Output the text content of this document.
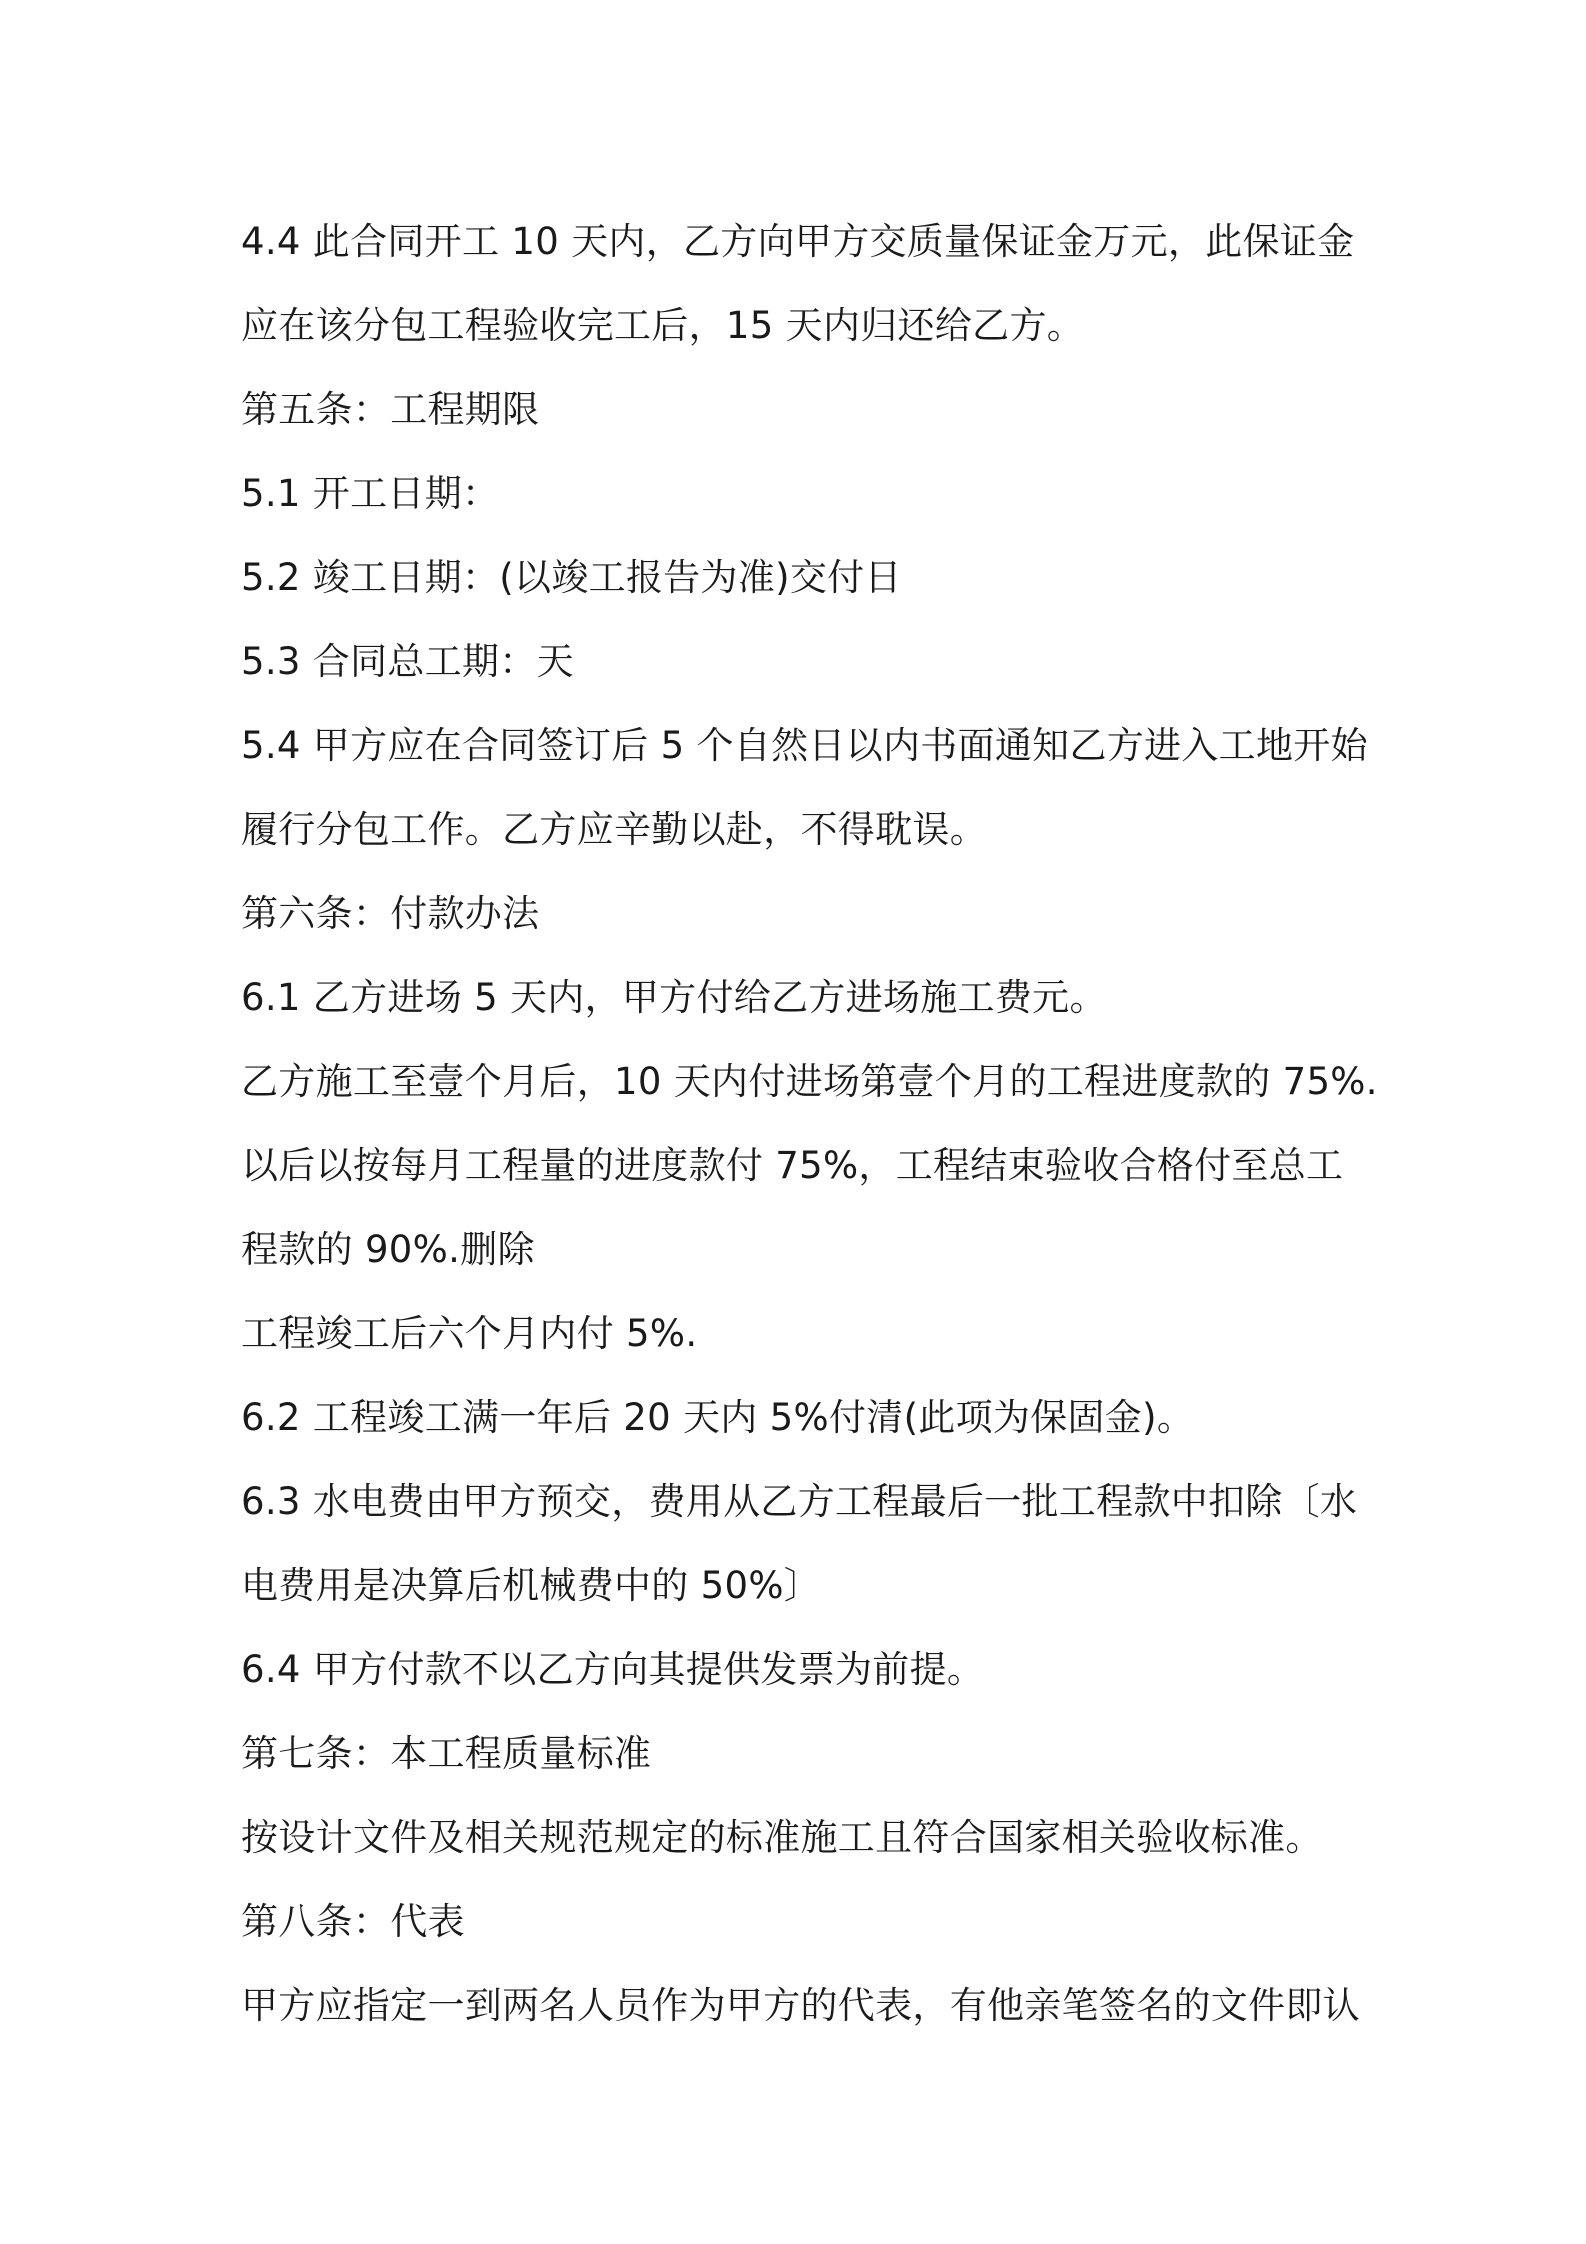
4.4 此合同开工 10 天内，乙方向甲方交质量保证金万元，此保证金
应在该分包工程验收完工后，15 天内归还给乙方。
第五条：工程期限
5.1 开工日期：
5.2 竣工日期：(以竣工报告为准)交付日
5.3 合同总工期：天
5.4 甲方应在合同签订后 5 个自然日以内书面通知乙方进入工地开始
履行分包工作。乙方应辛勤以赴，不得耽误。
第六条：付款办法
6.1 乙方进场 5 天内，甲方付给乙方进场施工费元。
乙方施工至壹个月后，10 天内付进场第壹个月的工程进度款的 75%.
以后以按每月工程量的进度款付 75%，工程结束验收合格付至总工
程款的 90%.删除
工程竣工后六个月内付 5%.
6.2 工程竣工满一年后 20 天内 5%付清(此项为保固金)。
6.3 水电费由甲方预交，费用从乙方工程最后一批工程款中扣除〔水
电费用是决算后机械费中的 50%〕
6.4 甲方付款不以乙方向其提供发票为前提。
第七条：本工程质量标准
按设计文件及相关规范规定的标准施工且符合国家相关验收标准。
第八条：代表
甲方应指定一到两名人员作为甲方的代表，有他亲笔签名的文件即认
